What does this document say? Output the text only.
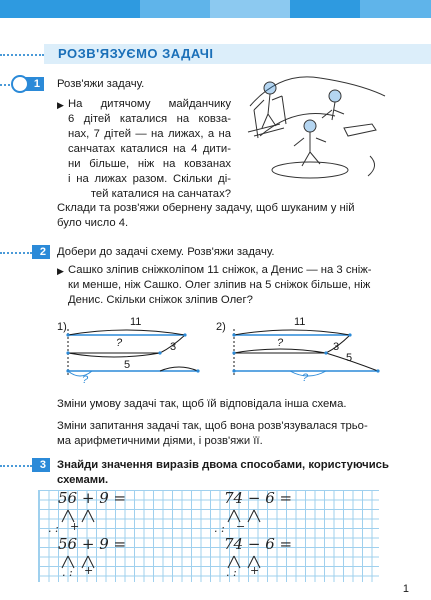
РОЗВ'ЯЗУЄМО ЗАДАЧІ
1	Розв'яжи задачу.
▶ На дитячому майданчику
6 дітей каталися на ковза-
нах, 7 дітей — на лижах, а на
санчатах каталися на 4 дити-
ни більше, ніж на ковзанах
і на лижах разом. Скільки ді-
тей каталися на санчатах?
Склади та розв'яжи обернену задачу, щоб шуканим у ній
було число 4.
2 Добери до задачі схему. Розв'яжи задачу.
▶ Сашко зліпив сніжколіпом 11 сніжок, а Денис — на 3 сніж-
ки менше, ніж Сашко. Олег зліпив на 5 сніжок більше, ніж
Денис. Скільки сніжок зліпив Олег?
1)	11
?	3
5
?
2)	11
?	3
5
?
Зміни умову задачі так, щоб їй відповідала інша схема.
Зміни запитання задачі так, щоб вона розв'язувалася трьо-
ма арифметичними діями, і розв'яжи її.
3 Знайди значення виразів двома способами, користуючись
схемами.
56 + 9 =	74 − 6 =
56 + 9 =	74 − 6 =
. : +	. : −
. : +	. : +
1
